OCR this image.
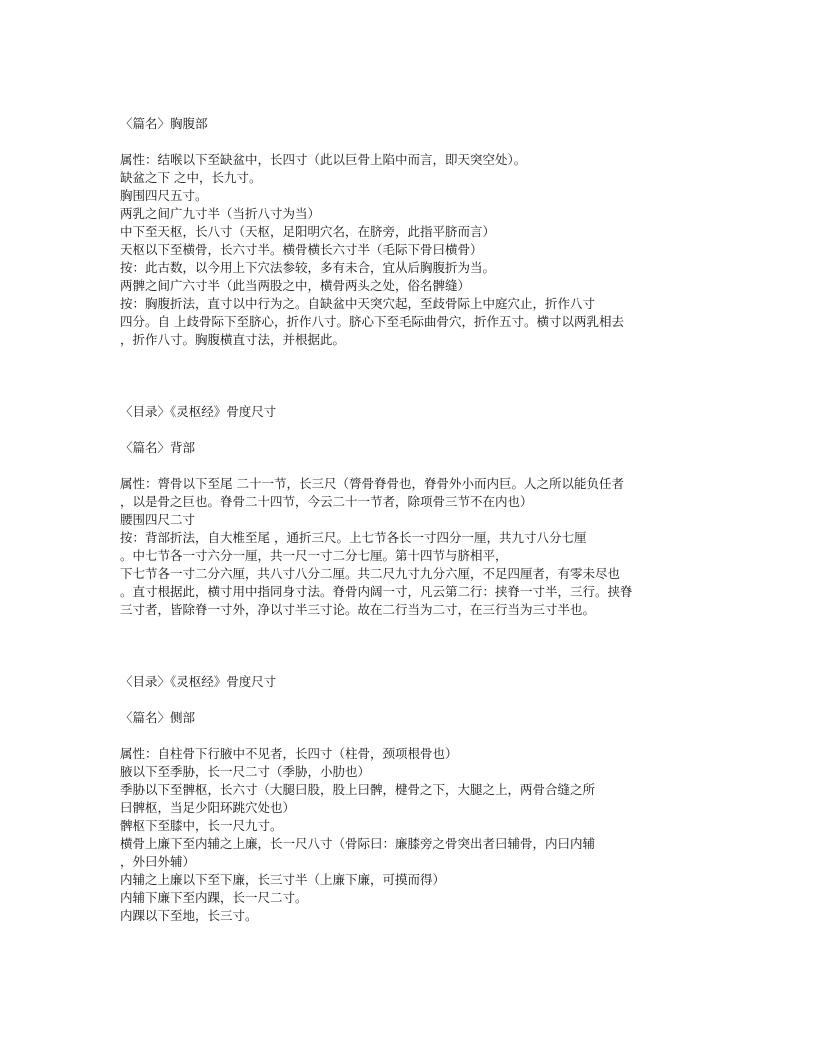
〈篇名〉胸腹部
属性：结喉以下至缺盆中，长四寸（此以巨骨上陷中而言，即天突空处）。
缺盆之下 之中，长九寸。
胸围四尺五寸。
两乳之间广九寸半（当折八寸为当）
中下至天枢，长八寸（天枢，足阳明穴名，在脐旁，此指平脐而言）
天枢以下至横骨，长六寸半。横骨横长六寸半（毛际下骨曰横骨）
按：此古数，以今用上下穴法参较，多有未合，宜从后胸腹折为当。
两髀之间广六寸半（此当两股之中，横骨两头之处，俗名髀缝）
按：胸腹折法，直寸以中行为之。自缺盆中天突穴起，至歧骨际上中庭穴止，折作八寸
四分。自 上歧骨际下至脐心，折作八寸。脐心下至毛际曲骨穴，折作五寸。横寸以两乳相去
，折作八寸。胸腹横直寸法，并根据此。
〈目录〉《灵枢经》骨度尺寸
〈篇名〉背部
属性：膂骨以下至尾 二十一节，长三尺（膂骨脊骨也，脊骨外小而内巨。人之所以能负任者
，以是骨之巨也。脊骨二十四节，今云二十一节者，除项骨三节不在内也）
腰围四尺二寸
按：背部折法，自大椎至尾 ，通折三尺。上七节各长一寸四分一厘，共九寸八分七厘
。中七节各一寸六分一厘，共一尺一寸二分七厘。第十四节与脐相平，
下七节各一寸二分六厘，共八寸八分二厘。共二尺九寸九分六厘，不足四厘者，有零未尽也
。直寸根据此，横寸用中指同身寸法。脊骨内阔一寸，凡云第二行：挟脊一寸半，三行。挟脊
三寸者，皆除脊一寸外，净以寸半三寸论。故在二行当为二寸，在三行当为三寸半也。
〈目录〉《灵枢经》骨度尺寸
〈篇名〉侧部
属性：自柱骨下行腋中不见者，长四寸（柱骨，颈项根骨也）
腋以下至季胁，长一尺二寸（季胁，小肋也）
季胁以下至髀枢，长六寸（大腿曰股，股上曰髀，楗骨之下，大腿之上，两骨合缝之所
曰髀枢，当足少阳环跳穴处也）
髀枢下至膝中，长一尺九寸。
横骨上廉下至内辅之上廉，长一尺八寸（骨际曰：廉膝旁之骨突出者曰辅骨，内曰内辅
，外曰外辅）
内辅之上廉以下至下廉，长三寸半（上廉下廉，可摸而得）
内辅下廉下至内踝，长一尺二寸。
内踝以下至地，长三寸。
